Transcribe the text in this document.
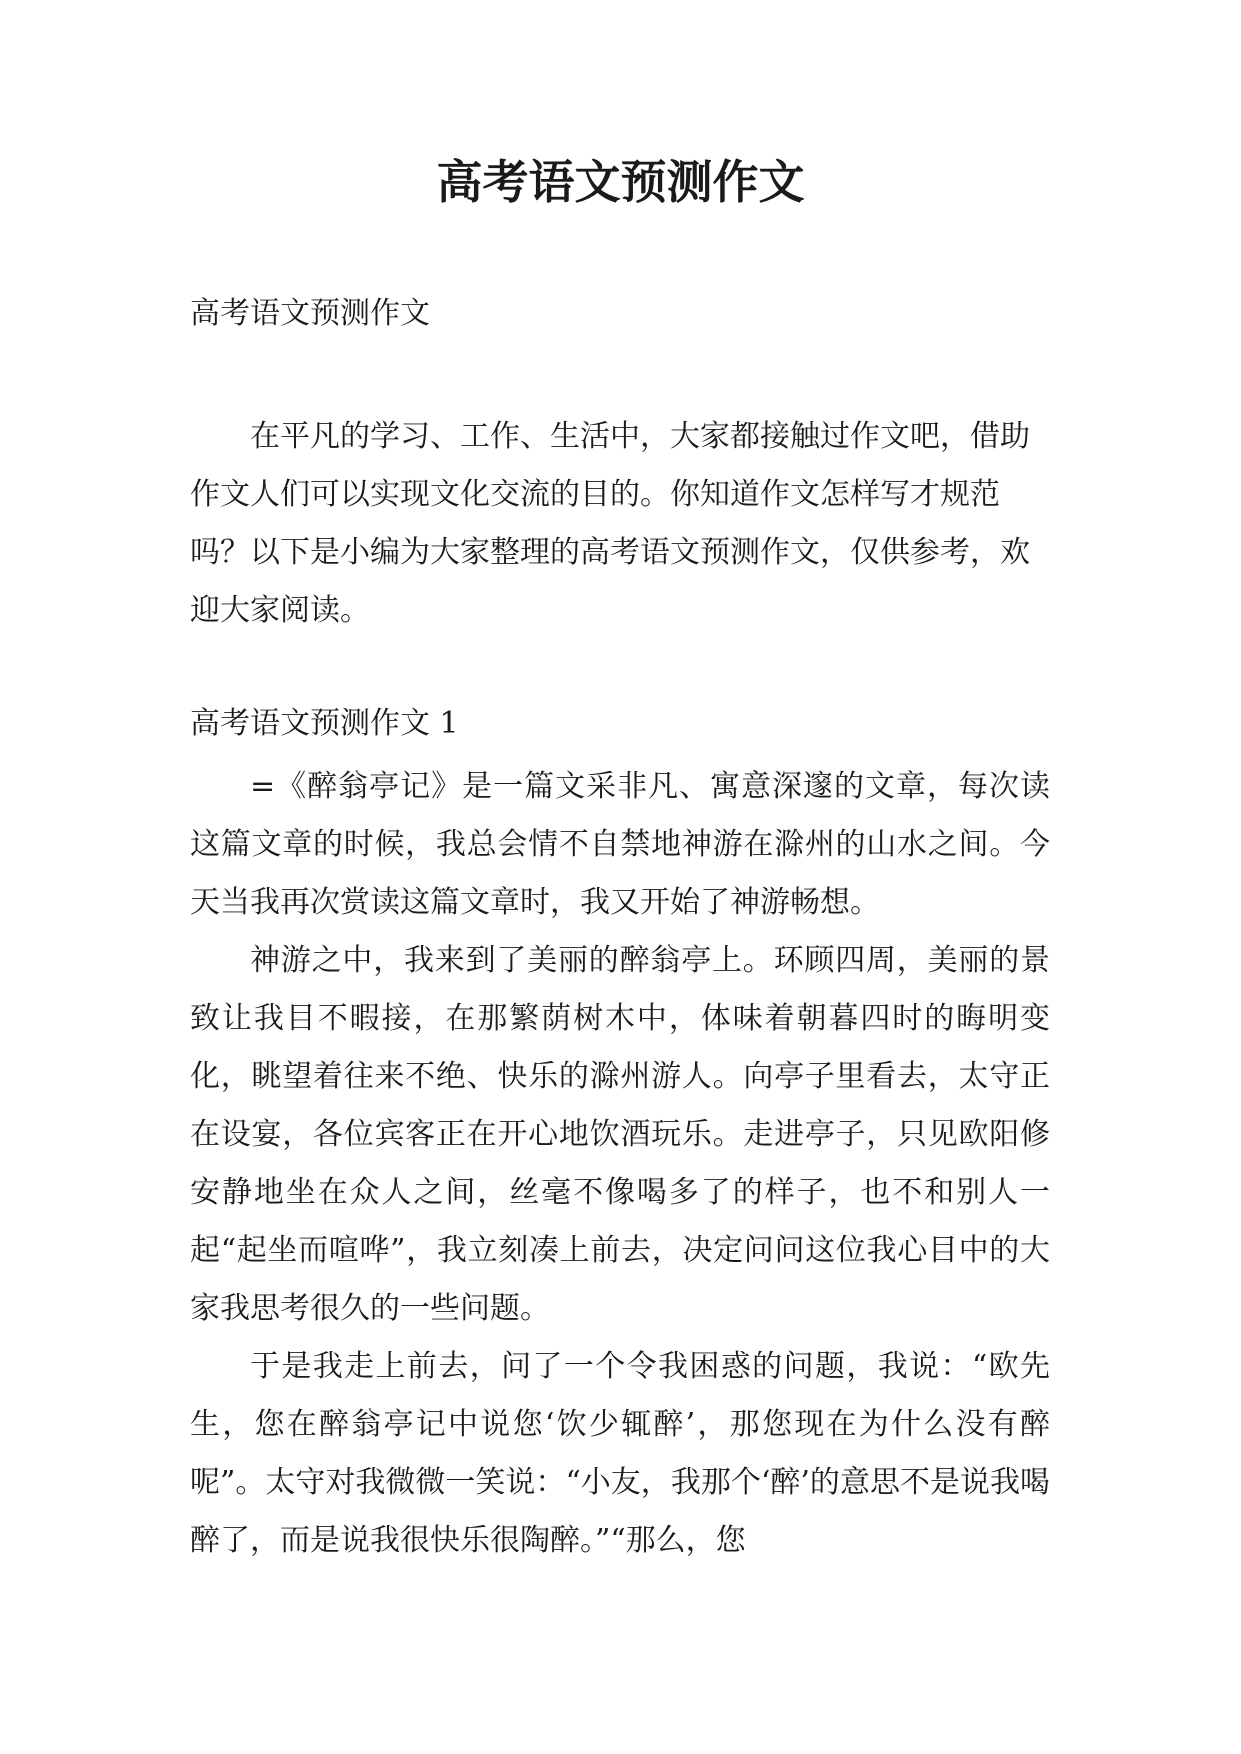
高考语文预测作文
高考语文预测作文

在平凡的学习、工作、生活中，大家都接触过作文吧，借助作文人们可以实现文化交流的目的。你知道作文怎样写才规范吗？以下是小编为大家整理的高考语文预测作文，仅供参考，欢迎大家阅读。

高考语文预测作文 1

=《醉翁亭记》是一篇文采非凡、寓意深邃的文章，每次读这篇文章的时候，我总会情不自禁地神游在滁州的山水之间。今天当我再次赏读这篇文章时，我又开始了神游畅想。

神游之中，我来到了美丽的醉翁亭上。环顾四周，美丽的景致让我目不暇接，在那繁荫树木中，体味着朝暮四时的晦明变化，眺望着往来不绝、快乐的滁州游人。向亭子里看去，太守正在设宴，各位宾客正在开心地饮酒玩乐。走进亭子，只见欧阳修安静地坐在众人之间，丝毫不像喝多了的样子，也不和别人一起“起坐而喧哗”，我立刻凑上前去，决定问问这位我心目中的大家我思考很久的一些问题。

于是我走上前去，问了一个令我困惑的问题，我说：“欧先生，您在醉翁亭记中说您‘饮少辄醉’，那您现在为什么没有醉呢”。太守对我微微一笑说：“小友，我那个‘醉’的意思不是说我喝醉了，而是说我很快乐很陶醉。”“那么，您
